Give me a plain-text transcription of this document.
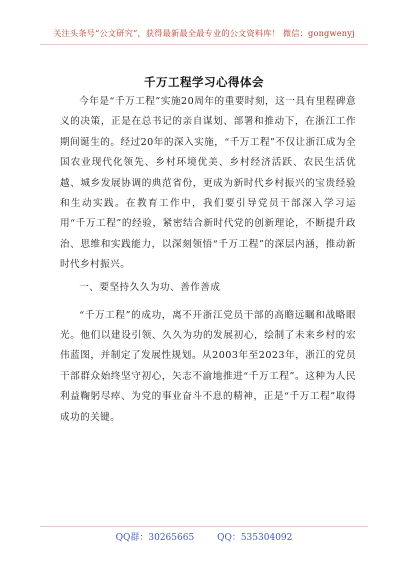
关注头条号“公文研究”，获得最新最全最专业的公文资料库！ 微信：gongwenyj
千万工程学习心得体会

今年是“千万工程”实施20周年的重要时刻，这一具有里程碑意义的决策，正是在总书记的亲自谋划、部署和推动下，在浙江工作期间诞生的。经过20年的深入实施，“千万工程”不仅让浙江成为全国农业现代化领先、乡村环境优美、乡村经济活跃、农民生活优越、城乡发展协调的典范省份，更成为新时代乡村振兴的宝贵经验和生动实践。在教育工作中，我们要引导党员干部深入学习运用“千万工程”的经验，紧密结合新时代党的创新理论，不断提升政治、思维和实践能力，以深刻领悟“千万工程”的深层内涵，推动新时代乡村振兴。

一、要坚持久久为功、善作善成

“千万工程”的成功，离不开浙江党员干部的高瞻远瞩和战略眼光。他们以建设引领、久久为功的发展初心，绘制了未来乡村的宏伟蓝图，并制定了发展性规划。从2003年至2023年，浙江的党员干部群众始终坚守初心，矢志不渝地推进“千万工程”。这种为人民利益鞠躬尽瘁、为党的事业奋斗不息的精神，正是“千万工程”取得成功的关键。

QQ群：30265665	QQ：535304092
